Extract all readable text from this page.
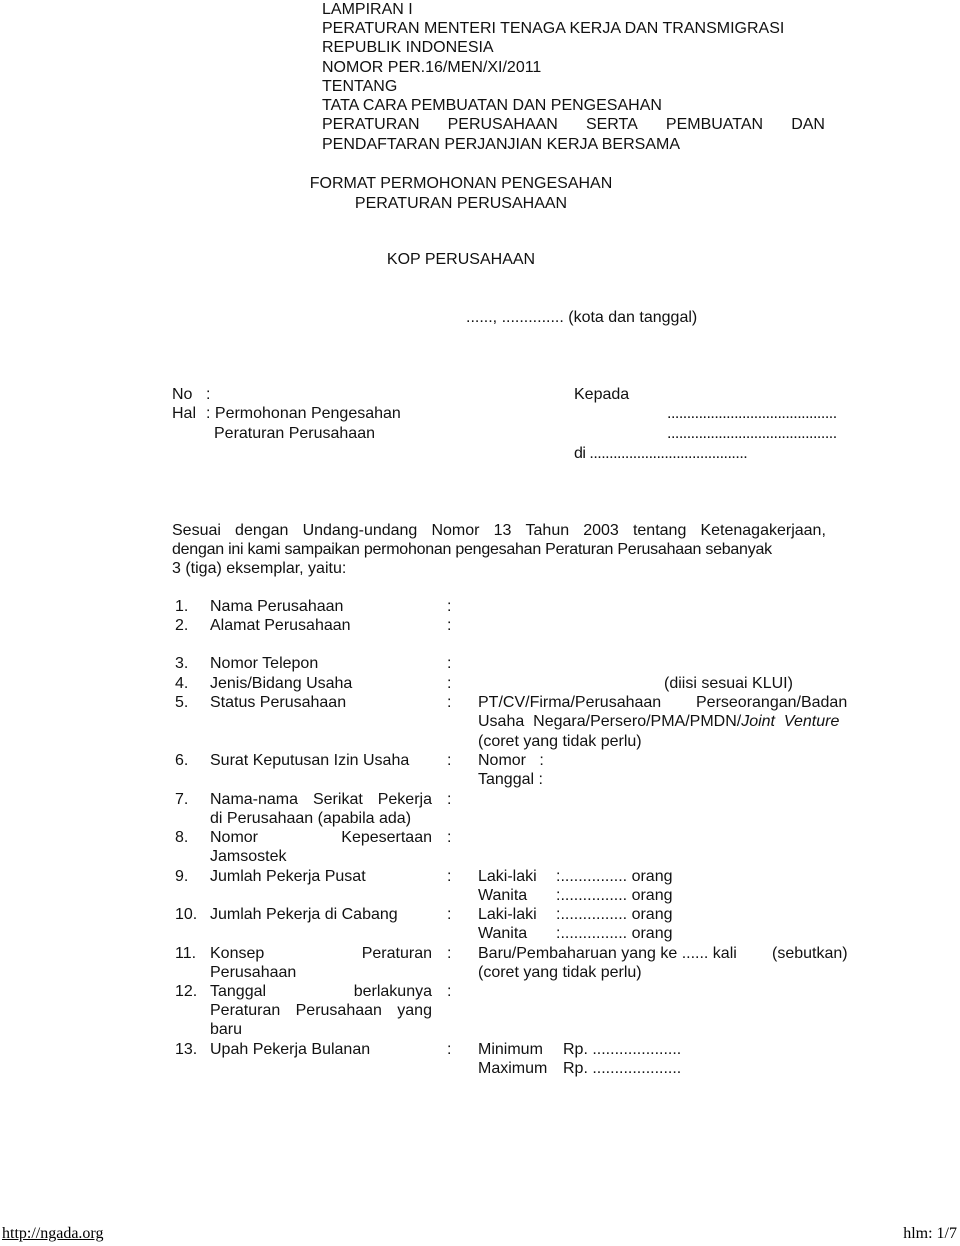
LAMPIRAN I
PERATURAN MENTERI TENAGA KERJA DAN TRANSMIGRASI
REPUBLIK INDONESIA
NOMOR PER.16/MEN/XI/2011
TENTANG
TATA CARA PEMBUATAN DAN PENGESAHAN
PERATURAN PERUSAHAAN SERTA PEMBUATAN DAN
PENDAFTARAN PERJANJIAN KERJA BERSAMA
FORMAT PERMOHONAN PENGESAHAN
PERATURAN PERUSAHAAN
KOP PERUSAHAAN
......, .............. (kota dan tanggal)
No :
Hal : Permohonan Pengesahan
Peraturan Perusahaan
Kepada
...........................................
...........................................
di ........................................
Sesuai dengan Undang-undang Nomor 13 Tahun 2003 tentang Ketenagakerjaan,
dengan ini kami sampaikan permohonan pengesahan Peraturan Perusahaan sebanyak
3 (tiga) eksemplar, yaitu:
1. Nama Perusahaan	:
2. Alamat Perusahaan	:
3. Nomor Telepon	:
4. Jenis/Bidang Usaha	:	(diisi sesuai KLUI)
5. Status Perusahaan	: PT/CV/Firma/Perusahaan Perseorangan/Badan
Usaha  Negara/Persero/PMA/PMDN/Joint  Venture
(coret yang tidak perlu)
6. Surat Keputusan Izin Usaha : Nomor   :
Tanggal :
7. Nama-nama Serikat Pekerja :
di Perusahaan (apabila ada)
8. Nomor	Kepesertaan :
Jamsostek
9. Jumlah Pekerja Pusat	: Laki-laki :............... orang
Wanita :............... orang
10. Jumlah Pekerja di Cabang	: Laki-laki :............... orang
Wanita :............... orang
11. Konsep	Peraturan : Baru/Pembaharuan yang ke ...... kali (sebutkan)
Perusahaan	(coret yang tidak perlu)
12. Tanggal	berlakunya :
Peraturan Perusahaan yang
baru
13. Upah Pekerja Bulanan	: Minimum Rp. ....................
Maximum Rp. ....................
http://ngada.org	hlm: 1/7
